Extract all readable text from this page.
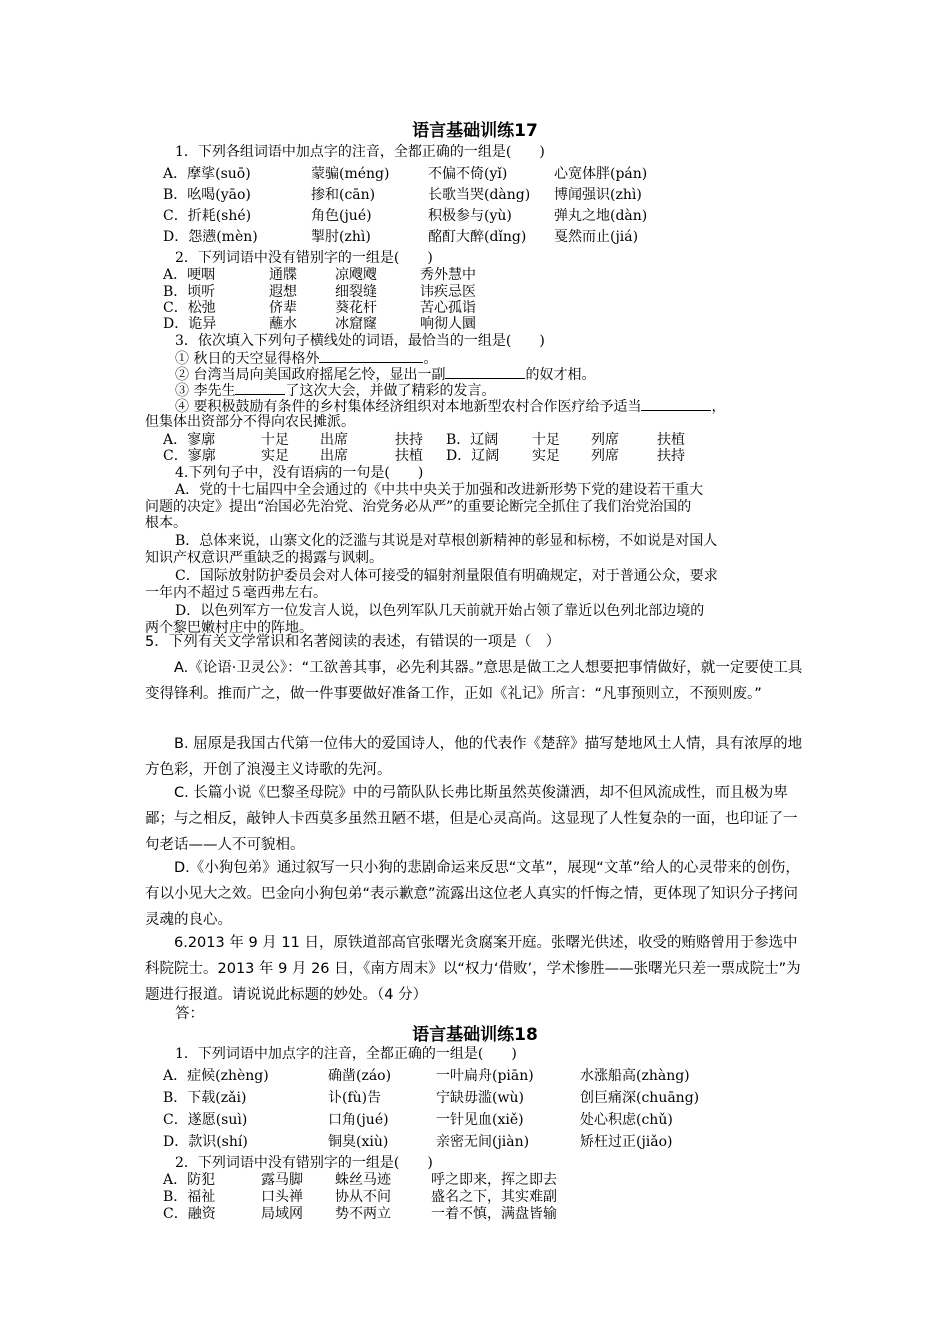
语言基础训练17
1．下列各组词语中加点字的注音，全都正确的一组是(　　)
A．摩挲(suō)	蒙骗(méng)	不偏不倚(yǐ)	心宽体胖(pán)
B．吆喝(yāo)	掺和(cān)	长歌当哭(dàng) 博闻强识(zhì)
C．折耗(shé)	角色(jué)	积极参与(yù)	弹丸之地(dàn)
D．怨懑(mèn)	掣肘(zhì)	酩酊大醉(dǐng) 戛然而止(jiá)
2．下列词语中没有错别字的一组是(　　)
A．哽咽	通牒	凉飕飕	秀外慧中
B．顷听	遐想	细裂缝	讳疾忌医
C．松弛	侪辈	葵花杆	苦心孤诣
D．诡异	蘸水	冰窟窿	响彻人圜
3．依次填入下列句子横线处的词语，最恰当的一组是(　　)
① 秋日的天空显得格外	。
② 台湾当局向美国政府摇尾乞怜，显出一副	的奴才相。
③ 李先生	了这次大会，并做了精彩的发言。
④ 要积极鼓励有条件的乡村集体经济组织对本地新型农村合作医疗给予适当	，
但集体出资部分不得向农民摊派。
A．寥廓	十足 出席	扶持 B．辽阔 十足 列席	扶植
C．寥廓	实足 出席	扶植 D．辽阔 实足 列席	扶持
4.下列句子中，没有语病的一句是(　　)
A．党的十七届四中全会通过的《中共中央关于加强和改进新形势下党的建设若干重大
问题的决定》提出“治国必先治党、治党务必从严”的重要论断完全抓住了我们治党治国的
根本。
B．总体来说，山寨文化的泛滥与其说是对草根创新精神的彰显和标榜，不如说是对国人
知识产权意识严重缺乏的揭露与讽刺。
C．国际放射防护委员会对人体可接受的辐射剂量限值有明确规定，对于普通公众，要求
一年内不超过５毫西弗左右。
D．以色列军方一位发言人说，以色列军队几天前就开始占领了靠近以色列北部边境的
两个黎巴嫩村庄中的阵地。
5．下列有关文学常识和名著阅读的表述，有错误的一项是（　）
A.《论语·卫灵公》：“工欲善其事，必先利其器。”意思是做工之人想要把事情做好，就一定要使工具变得锋利。推而广之，做一件事要做好准备工作，正如《礼记》所言：“凡事预则立，不预则废。”
B. 屈原是我国古代第一位伟大的爱国诗人，他的代表作《楚辞》描写楚地风土人情，具有浓厚的地方色彩，开创了浪漫主义诗歌的先河。
C. 长篇小说《巴黎圣母院》中的弓箭队队长弗比斯虽然英俊潇洒，却不但风流成性，而且极为卑鄙；与之相反，敲钟人卡西莫多虽然丑陋不堪，但是心灵高尚。这显现了人性复杂的一面，也印证了一句老话——人不可貌相。
D.《小狗包弟》通过叙写一只小狗的悲剧命运来反思“文革”，展现“文革”给人的心灵带来的创伤，有以小见大之效。巴金向小狗包弟“表示歉意”流露出这位老人真实的忏悔之情，更体现了知识分子拷问灵魂的良心。
6.2013 年 9 月 11 日，原铁道部高官张曙光贪腐案开庭。张曙光供述，收受的贿赂曾用于参选中科院院士。2013 年 9 月 26 日，《南方周末》以“权力‘借败’，学术惨胜——张曙光只差一票成院士”为题进行报道。请说说此标题的妙处。（4 分）
答：
语言基础训练18
1．下列词语中加点字的注音，全都正确的一组是(　　)
A．症候(zhèng)	确凿(záo)	一叶扁舟(piān)	水涨船高(zhàng)
B．下载(zǎi)	讣(fù)告	宁缺毋滥(wù)	创巨痛深(chuāng)
C．遂愿(suì)	口角(jué)	一针见血(xiě)	处心积虑(chǔ)
D．款识(shí)	铜臭(xiù)	亲密无间(jiàn)	矫枉过正(jiǎo)
2．下列词语中没有错别字的一组是(　　)
A．防犯	露马脚 蛛丝马迹	呼之即来，挥之即去
B．福祉	口头禅 协从不问	盛名之下，其实难副
C．融资	局域网 势不两立	一着不慎，满盘皆输
